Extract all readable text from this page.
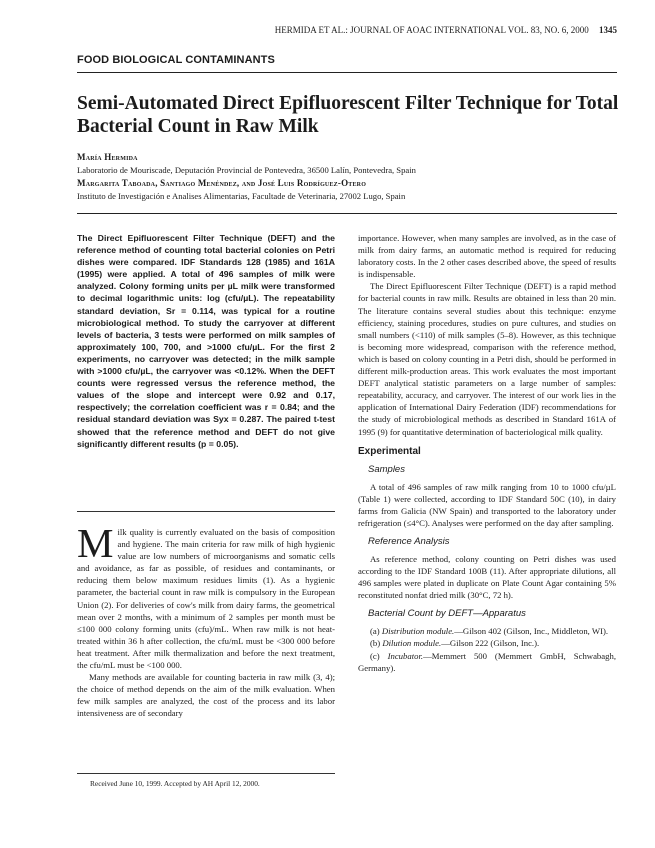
HERMIDA ET AL.: JOURNAL OF AOAC INTERNATIONAL VOL. 83, NO. 6, 2000 1345
FOOD BIOLOGICAL CONTAMINANTS
Semi-Automated Direct Epifluorescent Filter Technique for Total Bacterial Count in Raw Milk
María Hermida
Laboratorio de Mouriscade, Deputación Provincial de Pontevedra, 36500 Lalín, Pontevedra, Spain
Margarita Taboada, Santiago Menéndez, and José Luis Rodríguez-Otero
Instituto de Investigación e Analises Alimentarias, Facultade de Veterinaria, 27002 Lugo, Spain

The Direct Epifluorescent Filter Technique (DEFT) and the reference method of counting total bacterial colonies on Petri dishes were compared. IDF Standards 128 (1985) and 161A (1995) were applied. A total of 496 samples of milk were analyzed. Colony forming units per µL milk were transformed to decimal logarithmic units: log (cfu/µL). The repeatability standard deviation, Sr = 0.114, was typical for a routine microbiological method. To study the carryover at different levels of bacteria, 3 tests were performed on milk samples of approximately 100, 700, and >1000 cfu/µL. For the first 2 experiments, no carryover was detected; in the milk sample with >1000 cfu/µL, the carryover was <0.12%. When the DEFT counts were regressed versus the reference method, the values of the slope and intercept were 0.92 and 0.17, respectively; the correlation coefficient was r = 0.84; and the residual standard deviation was Syx = 0.287. The paired t-test showed that the reference method and DEFT do not give significantly different results (p = 0.05).

M ilk quality is currently evaluated on the basis of composition and hygiene. The main criteria for raw milk of high hygienic value are low numbers of microorganisms and somatic cells and avoidance, as far as possible, of residues and contaminants, or reducing them below maximum residues limits (1). As a hygienic parameter, the bacterial count in raw milk is compulsory in the European Union (2). For deliveries of cow's milk from dairy farms, the geometrical mean over 2 months, with a minimum of 2 samples per month must be ≤100 000 colony forming units (cfu)/mL. When raw milk is not heat-treated within 36 h after collection, the cfu/mL must be <300 000 before heat treatment. After milk thermalization and before the next treatment, the cfu/mL must be <100 000.

Many methods are available for counting bacteria in raw milk (3, 4); the choice of method depends on the aim of the milk evaluation. When few milk samples are analyzed, the cost of the process and its labor intensiveness are of secondary

Received June 10, 1999. Accepted by AH April 12, 2000.

importance. However, when many samples are involved, as in the case of milk from dairy farms, an automatic method is required for reducing laboratory costs. In the 2 other cases described above, the speed of results is indispensable.

The Direct Epifluorescent Filter Technique (DEFT) is a rapid method for bacterial counts in raw milk. Results are obtained in less than 20 min. The literature contains several studies about this technique: enzyme efficiency, staining procedures, studies on pure cultures, and studies on small numbers (<110) of milk samples (5–8). However, as this technique is becoming more widespread, comparison with the reference method, which is based on colony counting in a Petri dish, should be performed in different milk-production areas. This work evaluates the most important DEFT analytical statistic parameters on a large number of samples: repeatability, accuracy, and carryover. The interest of our work lies in the application of International Dairy Federation (IDF) recommendations for the study of microbiological methods as described in Standard 161A of 1995 (9) for quantitative determination of bacteriological milk quality.

Experimental
Samples

A total of 496 samples of raw milk ranging from 10 to 1000 cfu/µL (Table 1) were collected, according to IDF Standard 50C (10), in dairy farms from Galicia (NW Spain) and transported to the laboratory under refrigeration (≤4°C). Analyses were performed on the day after sampling.

Reference Analysis

As reference method, colony counting on Petri dishes was used according to the IDF Standard 100B (11). After appropriate dilutions, all 496 samples were plated in duplicate on Plate Count Agar containing 5% reconstituted nonfat dried milk (30°C, 72 h).

Bacterial Count by DEFT—Apparatus

(a) Distribution module.—Gilson 402 (Gilson, Inc., Middleton, WI).

(b) Dilution module.—Gilson 222 (Gilson, Inc.).

(c) Incubator.—Memmert 500 (Memmert GmbH, Schwabagh, Germany).
